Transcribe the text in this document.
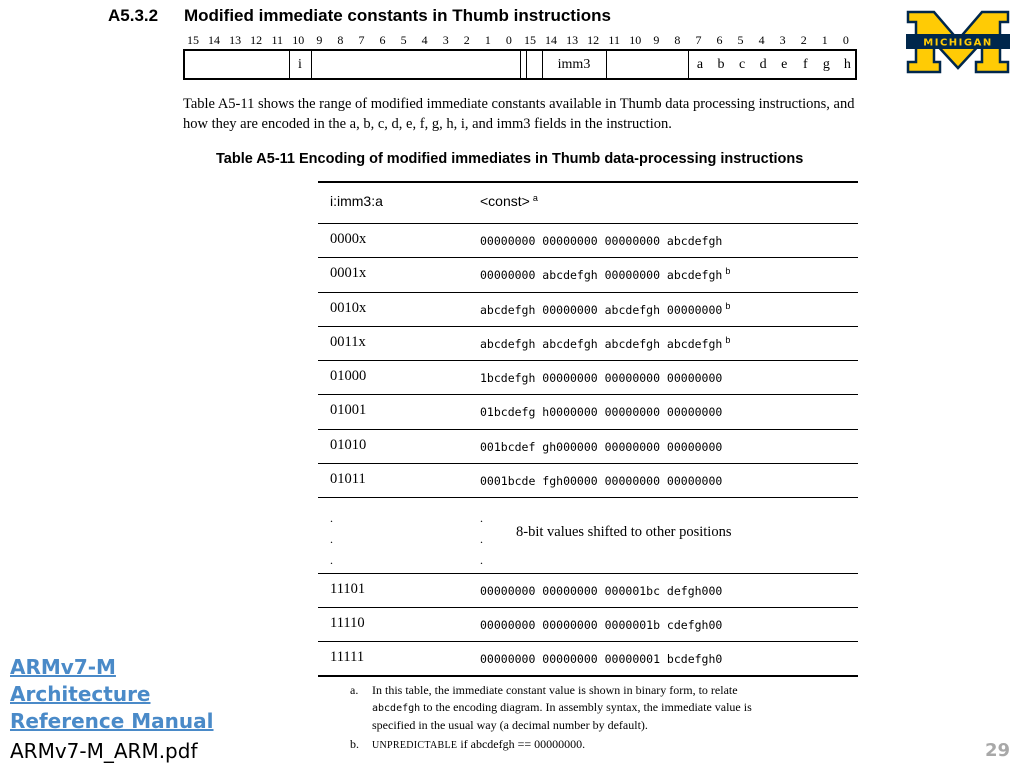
A5.3.2 Modified immediate constants in Thumb instructions
15 14 13 12 11 10	9	8	7	6	5	4	3	2	1	0	15 14 13 12 11 10	9	8	7	6	5	4	3	2	1	0
i	imm3	a	b	c	d	e	f	g	h
Table A5-11 shows the range of modified immediate constants available in Thumb data processing instructions, and how they are encoded in the a, b, c, d, e, f, g, h, i, and imm3 fields in the instruction.
Table A5-11 Encoding of modified immediates in Thumb data-processing instructions
i:imm3:a	<const> $^a$
0000x	00000000 00000000 00000000 abcdefgh
0001x	00000000 abcdefgh 00000000 abcdefgh $^b$
0010x	abcdefgh 00000000 abcdefgh 00000000 $^b$
0011x	abcdefgh abcdefgh abcdefgh abcdefgh $^b$
01000	1bcdefgh 00000000 00000000 00000000
01001	01bcdefg h0000000 00000000 00000000
01010	001bcdef gh000000 00000000 00000000
01011	0001bcde fgh00000 00000000 00000000
.
.
.
.
.
.
8-bit values shifted to other positions
11101	00000000 00000000 000001bc defgh000
11110	00000000 00000000 0000001b cdefgh00
11111	00000000 00000000 00000001 bcdefgh0
a. In this table, the immediate constant value is shown in binary form, to relate
abcdefgh to the encoding diagram. In assembly syntax, the immediate value is
specified in the usual way (a decimal number by default).
b. UNPREDICTABLE if abcdefgh == 00000000.
ARMv7-M
Architecture
Reference Manual
ARMv7-M_ARM.pdf	29
MICHIGAN
